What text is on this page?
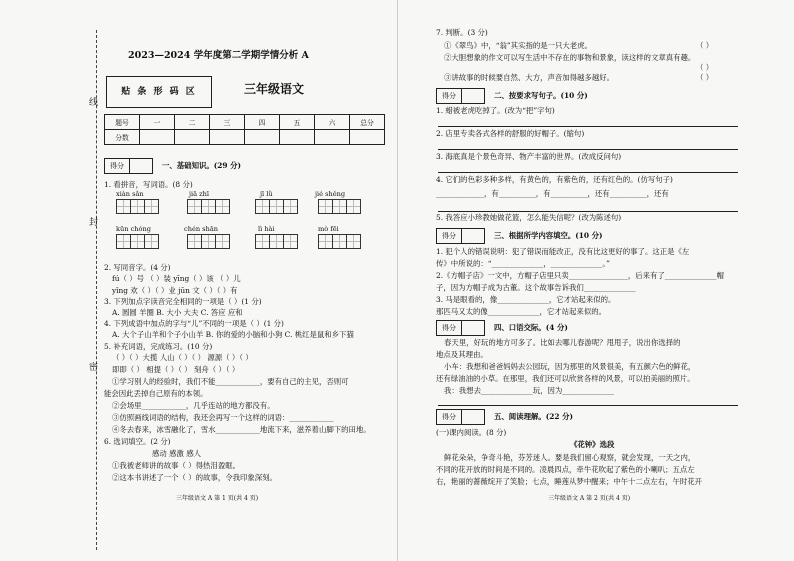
线
封
密
2023—2024 学年度第二学期学情分析 A
贴 条 形 码 区	三年级语文
题号	一	二	三	四	五	六	总分
分数							
得分	一、基础知识。(29 分)
1. 看拼音，写词语。(8 分)
xiàn sǎn	jiā zhī	jī lǜ	jié shěng
kūn chóng	chén shān	lì hài	mò fēi
2. 写同音字。(4 分)
fú（ ）号 （ ）装 yīng（ ）该 （ ）儿
yǐng 欢（ ）（ ）业 jūn 文（ ）（ ）有
3. 下列加点字读音完全相同的一项是（ ）(1 分)
A. 圆圆 羊圈 B. 大小 大夫 C. 答应 应和
4. 下列成语中加点的字与“儿”不同的一项是（ ）(1 分)
A. 大个子山羊和个子小山羊 B. 你的爱的小脑和小狗 C. 桃红是鼠和乡下猫
5. 补充词语，完成练习。(10 分)
（ ）（ ）大揽 人山（ ）（ ） 源源（ ）（ ）
即即（ ） 相提（ ）（ ） 刻舟（ ）（ ）
①学习别人的经验时，我们不能____________，要有自己的主见，否则可
能会因此丢掉自己原有的本领。
②会场里____________，几乎连站的地方都没有。
③仿照画线词语的结构，我还会再写一个这样的词语：____________
④冬去春来，冰雪融化了，雪水____________地流下来，滋养着山脚下的田地。
6. 选词填空。(2 分)
感动 感激 感人
①我被老师讲的故事（ ）得热泪盈眶。
②这本书讲述了一个（ ）的故事，令我印象深刻。
三年级语文 A 第 1 页(共 4 页)
7. 判断。(3 分)
①《翠鸟》中，“翁”其实指的是一只大老虎。
②大胆想象的作文可以写生活中不存在的事物和景象，读这样的文章真有趣。
③讲故事的时候要自然、大方，声音加得越多越好。
（ ）
（ ）
（ ）
得分	二、按要求写句子。(10 分)
1. 蜡被老虎吃掉了。(改为“把”字句)
2. 店里专卖各式各样的舒服的好帽子。(缩句)
3. 海底真是个景色奇异、物产丰富的世界。(改成反问句)
4. 它们的色彩多种多样，有黄色的，有紫色的，还有红色的。(仿写句子)
_____________，有__________，有__________，还有__________，还有
5. 我答应小珍教她做花篮，怎么能失信呢？(改为陈述句)
得分	三、根据所学内容填空。(10 分)
1. 犯个人的错误说明：犯了错误而能改正，没有比这更好的事了。这正是《左
传》中所说的：“______________，______________。”
2.《方帽子店》一文中，方帽子店里只卖________________，后来有了______________帽
子，因为方帽子成为古董。这个故事告诉我们______________
3. 马是眼看的，像______________，它才站起来似的。
那匹马又太的像______________，它才站起来似的。
得分	四、口语交际。(4 分)
春天里，好玩的地方可多了。比如去哪儿春游呢？甩甩子，说出你选择的
地点及其理由。
小车：我想和爸爸妈妈去公园玩，因为那里的风景很美，有五颜六色的鲜花，
还有绿油油的小草。在那里，我们还可以欣赏各样的风景，可以拍美丽的照片。
我：我想去______________玩，因为______________
得分	五、阅读理解。(22 分)
(一)课内阅读。(8 分)
《花钟》选段
鲜花朵朵，争奇斗艳，芬芳迷人。要是我们留心观察，就会发现，一天之内，
不同的花开放的时间是不同的。凌晨四点，牵牛花吹起了紫色的小喇叭；五点左
右，艳丽的蔷薇绽开了笑脸；七点，睡莲从梦中醒来；中午十二点左右，午时花开
三年级语文 A 第 2 页(共 4 页)
